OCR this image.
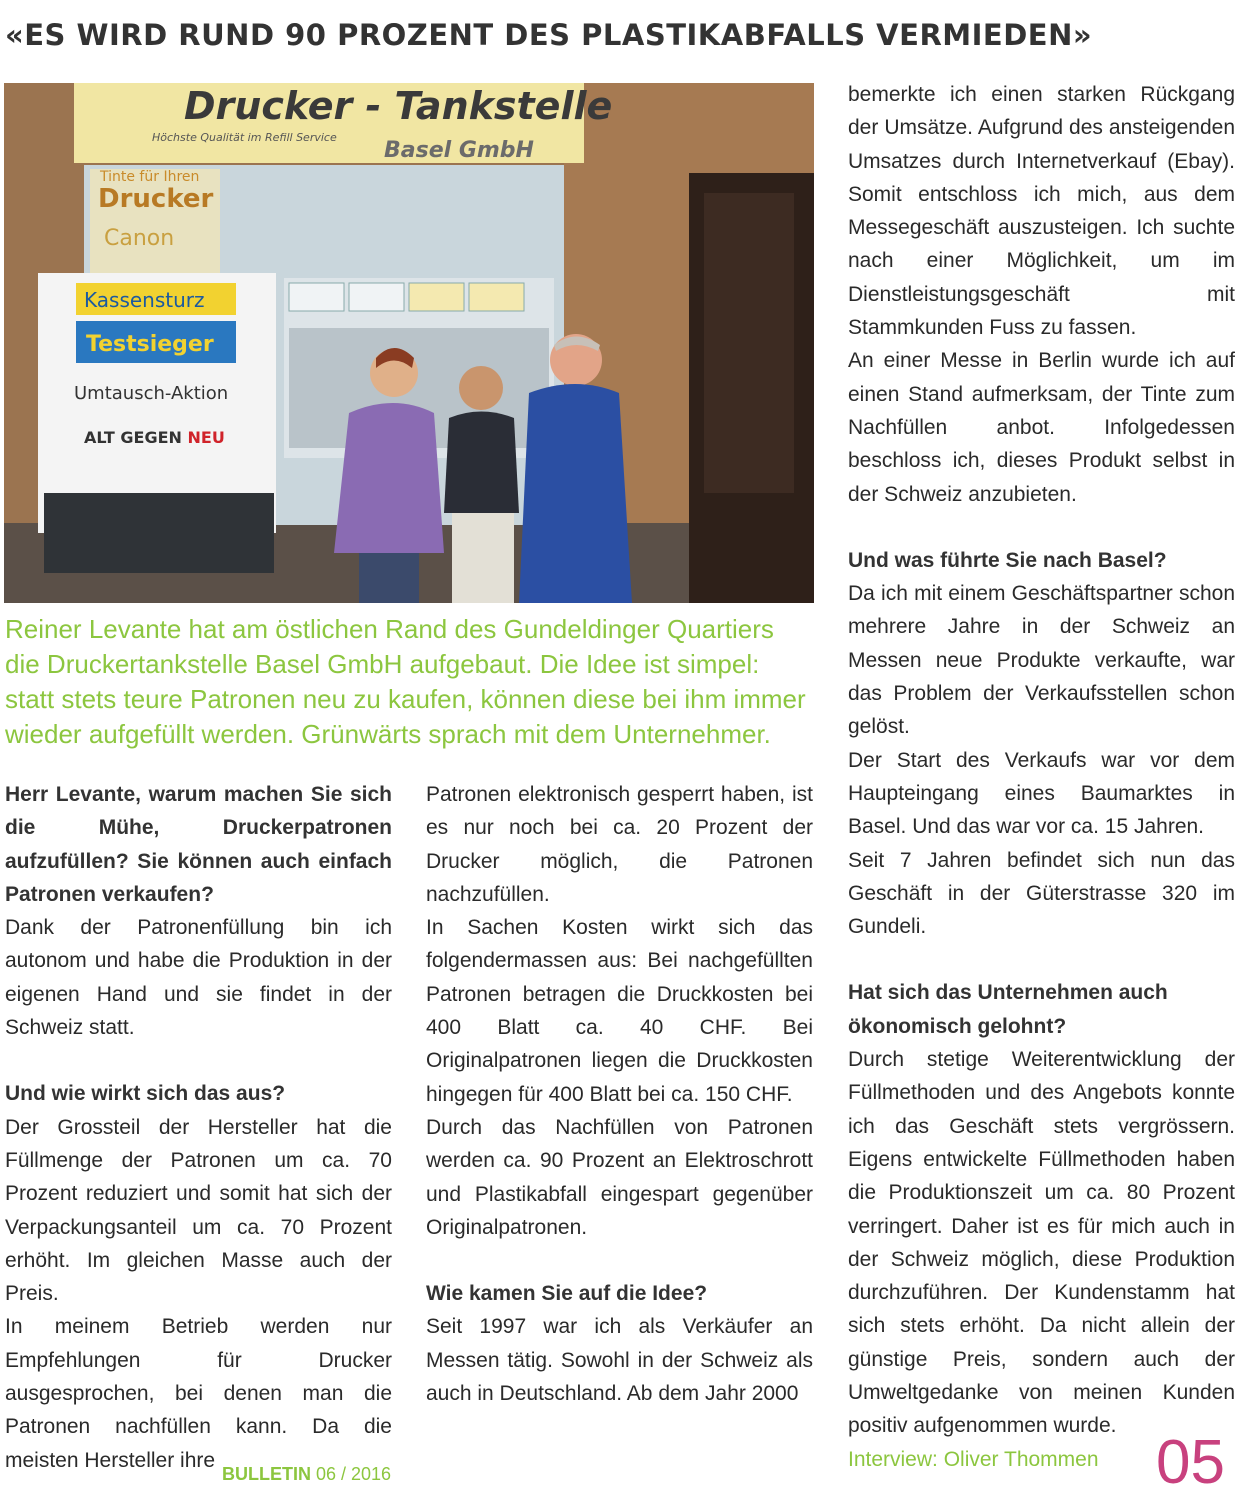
«ES WIRD RUND 90 PROZENT DES PLASTIKABFALLS VERMIEDEN»
Drucker - Tankstelle
Höchste Qualität im Refill Service
Basel GmbH
Tinte für Ihren
Drucker
Canon
Kassensturz
Testsieger
Umtausch-Aktion
ALT GEGEN NEU

Reiner Levante hat am östlichen Rand des Gundeldinger Quartiers
die Druckertankstelle Basel GmbH aufgebaut. Die Idee ist simpel:
statt stets teure Patronen neu zu kaufen, können diese bei ihm immer
wieder aufgefüllt werden. Grünwärts sprach mit dem Unternehmer.

Herr Levante, warum machen Sie sich die Mühe, Druckerpatronen aufzufüllen? Sie können auch einfach Patronen verkaufen?

Dank der Patronenfüllung bin ich autonom und habe die Produktion in der eigenen Hand und sie findet in der Schweiz statt.

Und wie wirkt sich das aus?

Der Grossteil der Hersteller hat die Füllmenge der Patronen um ca. 70 Prozent reduziert und somit hat sich der Verpackungsanteil um ca. 70 Prozent erhöht. Im gleichen Masse auch der Preis.

In meinem Betrieb werden nur Empfehlungen für Drucker ausgesprochen, bei denen man die Patronen nachfüllen kann. Da die meisten Hersteller ihre

Patronen elektronisch gesperrt haben, ist es nur noch bei ca. 20 Prozent der Drucker möglich, die Patronen nachzufüllen.

In Sachen Kosten wirkt sich das folgendermassen aus: Bei nachgefüllten Patronen betragen die Druckkosten bei 400 Blatt ca. 40 CHF. Bei Originalpatronen liegen die Druckkosten hingegen für 400 Blatt bei ca. 150 CHF.

Durch das Nachfüllen von Patronen werden ca. 90 Prozent an Elektroschrott und Plastikabfall eingespart gegenüber Originalpatronen.

Wie kamen Sie auf die Idee?

Seit 1997 war ich als Verkäufer an Messen tätig. Sowohl in der Schweiz als auch in Deutschland. Ab dem Jahr 2000

bemerkte ich einen starken Rückgang der Umsätze. Aufgrund des ansteigenden Umsatzes durch Internetverkauf (Ebay). Somit entschloss ich mich, aus dem Messegeschäft auszusteigen. Ich suchte nach einer Möglichkeit, um im Dienstleistungsgeschäft mit Stammkunden Fuss zu fassen.

An einer Messe in Berlin wurde ich auf einen Stand aufmerksam, der Tinte zum Nachfüllen anbot. Infolgedessen beschloss ich, dieses Produkt selbst in der Schweiz anzubieten.

Und was führte Sie nach Basel?

Da ich mit einem Geschäftspartner schon mehrere Jahre in der Schweiz an Messen neue Produkte verkaufte, war das Problem der Verkaufsstellen schon gelöst.

Der Start des Verkaufs war vor dem Haupteingang eines Baumarktes in Basel. Und das war vor ca. 15 Jahren.

Seit 7 Jahren befindet sich nun das Geschäft in der Güterstrasse 320 im Gundeli.

Hat sich das Unternehmen auch ökonomisch gelohnt?

Durch stetige Weiterentwicklung der Füllmethoden und des Angebots konnte ich das Geschäft stets vergrössern. Eigens entwickelte Füllmethoden haben die Produktionszeit um ca. 80 Prozent verringert. Daher ist es für mich auch in der Schweiz möglich, diese Produktion durchzuführen. Der Kundenstamm hat sich stets erhöht. Da nicht allein der günstige Preis, sondern auch der Umweltgedanke von meinen Kunden positiv aufgenommen wurde.

Interview: Oliver Thommen

BULLETIN 06 / 2016	05
